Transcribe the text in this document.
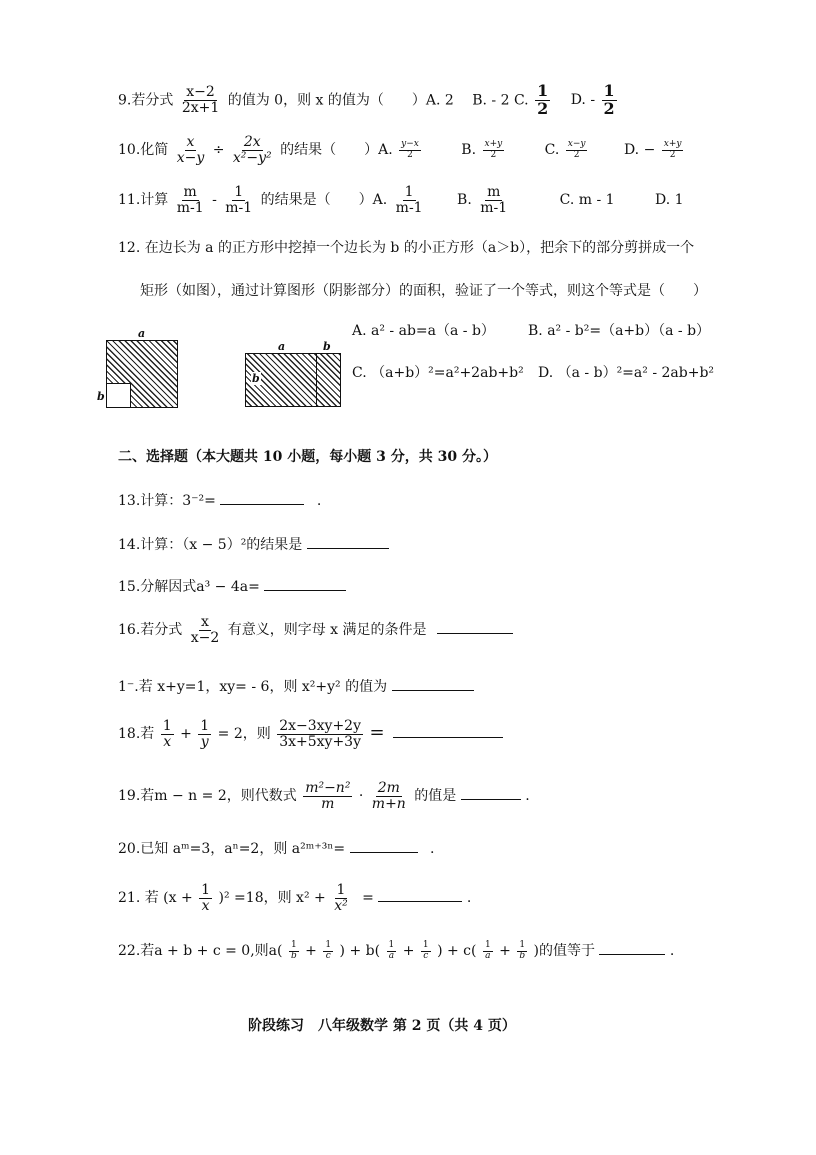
9.若分式 $\frac{x-2}{2x+1}$ 的值为 0，则 x 的值为（　　）A. 2　 B. - 2 C. $\frac{1}{2} D$. - $\frac{1}{2}$
10.化简 $\frac{x}{x-y} \div \frac{2x}{\text{x²−y²}}$ 的结果（　　）A. $\frac{y-x}{2}$	B. $\frac{x+y}{2}$	C. $\frac{x-y}{2}$	D. − $\frac{x+y}{2}$
11.计算 $\frac{m}{m-1} - \frac{1}{m-1}$ 的结果是（　　）A. $\frac{1}{m-1} B$. $\frac{m}{m-1}$	C. m - 1	D. 1
12. 在边长为 a 的正方形中挖掉一个边长为 b 的小正方形（a＞b），把余下的部分剪拼成一个
矩形（如图），通过计算图形（阴影部分）的面积，验证了一个等式，则这个等式是（　　）
A. a² - ab=a（a - b） B. a² - b²=（a+b）（a - b）
C. （a+b）²=a²+2ab+b² D. （a - b）²=a² - 2ab+b²
a
b
a	b
b
二、选择题（本大题共 10 小题，每小题 3 分，共 30 分。）
13.计算：3⁻²=	.
14.计算：（x − 5）²的结果是
15.分解因式a³ − 4a=
16.若分式 $\frac{x}{x-2}$ 有意义，则字母 x 满足的条件是
1⁻.若 x+y=1，xy= - 6，则 x²+y² 的值为
18.若 $\frac{1}{x} + \frac{1}{y} = 2$，则 $\frac{2x-3xy+2y}{3x+5xy+3y}$ =
19.若m − n = 2，则代数式 $\frac{\text{m²−n²}}{m} \cdot \frac{2m}{m+n}$ 的值是	.
20.已知 aᵐ=3，aⁿ=2，则 a²ᵐ⁺³ⁿ=	.
21. 若 $(x + \frac{1}{x} )^2 =18$，则 $x^2 + \frac{1}{\text{x²}}$ =	.
22.若a + b + c = 0,则$a( \frac{1}{b} + \frac{1}{c}$ ) + $b( \frac{1}{a} + \frac{1}{c}$ ) + $c( \frac{1}{a} + \frac{1}{b}$ )的值等于	.
阶段练习　八年级数学 第 2 页（共 4 页）
